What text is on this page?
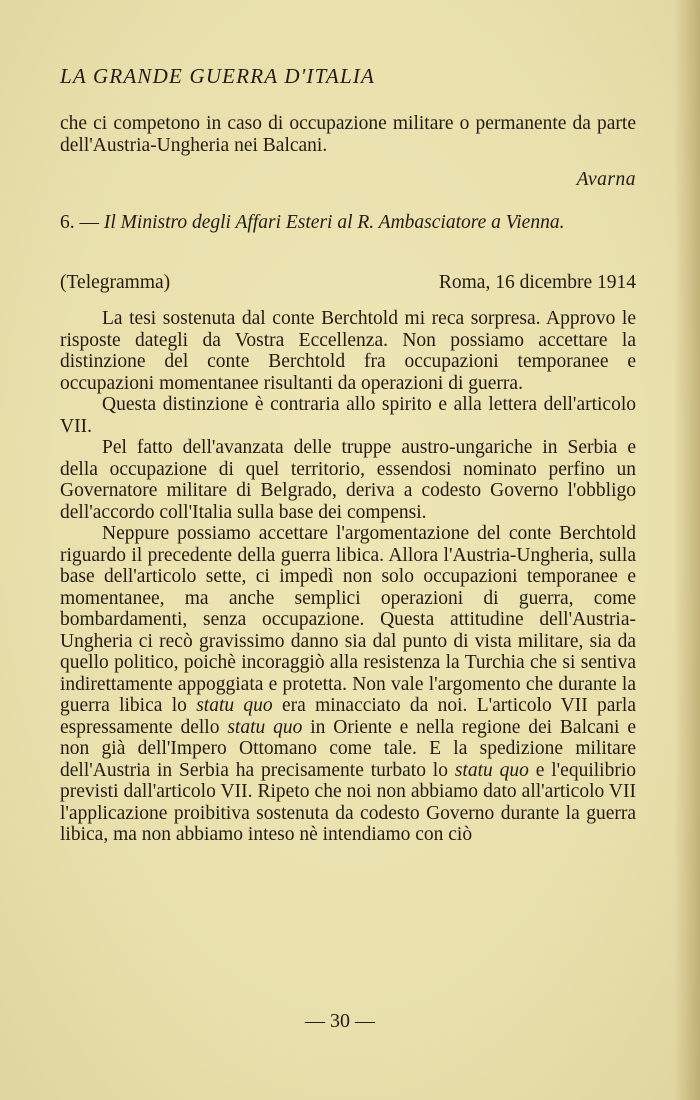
LA GRANDE GUERRA D'ITALIA
che ci competono in caso di occupazione militare o permanente da parte dell'Austria-Ungheria nei Balcani.
Avarna
6. — Il Ministro degli Affari Esteri al R. Ambasciatore a Vienna.
(Telegramma)	Roma, 16 dicembre 1914

La tesi sostenuta dal conte Berchtold mi reca sorpresa. Approvo le risposte dategli da Vostra Eccellenza. Non possiamo accettare la distinzione del conte Berchtold fra occupazioni temporanee e occupazioni momentanee risultanti da operazioni di guerra.

Questa distinzione è contraria allo spirito e alla lettera dell'articolo VII.

Pel fatto dell'avanzata delle truppe austro-ungariche in Serbia e della occupazione di quel territorio, essendosi nominato perfino un Governatore militare di Belgrado, deriva a codesto Governo l'obbligo dell'accordo coll'Italia sulla base dei compensi.

Neppure possiamo accettare l'argomentazione del conte Berchtold riguardo il precedente della guerra libica. Allora l'Austria-Ungheria, sulla base dell'articolo sette, ci impedì non solo occupazioni temporanee e momentanee, ma anche semplici operazioni di guerra, come bombardamenti, senza occupazione. Questa attitudine dell'Austria-Ungheria ci recò gravissimo danno sia dal punto di vista militare, sia da quello politico, poichè incoraggiò alla resistenza la Turchia che si sentiva indirettamente appoggiata e protetta. Non vale l'argomento che durante la guerra libica lo statu quo era minacciato da noi. L'articolo VII parla espressamente dello statu quo in Oriente e nella regione dei Balcani e non già dell'Impero Ottomano come tale. E la spedizione militare dell'Austria in Serbia ha precisamente turbato lo statu quo e l'equilibrio previsti dall'articolo VII. Ripeto che noi non abbiamo dato all'articolo VII l'applicazione proibitiva sostenuta da codesto Governo durante la guerra libica, ma non abbiamo inteso nè intendiamo con ciò

— 30 —
